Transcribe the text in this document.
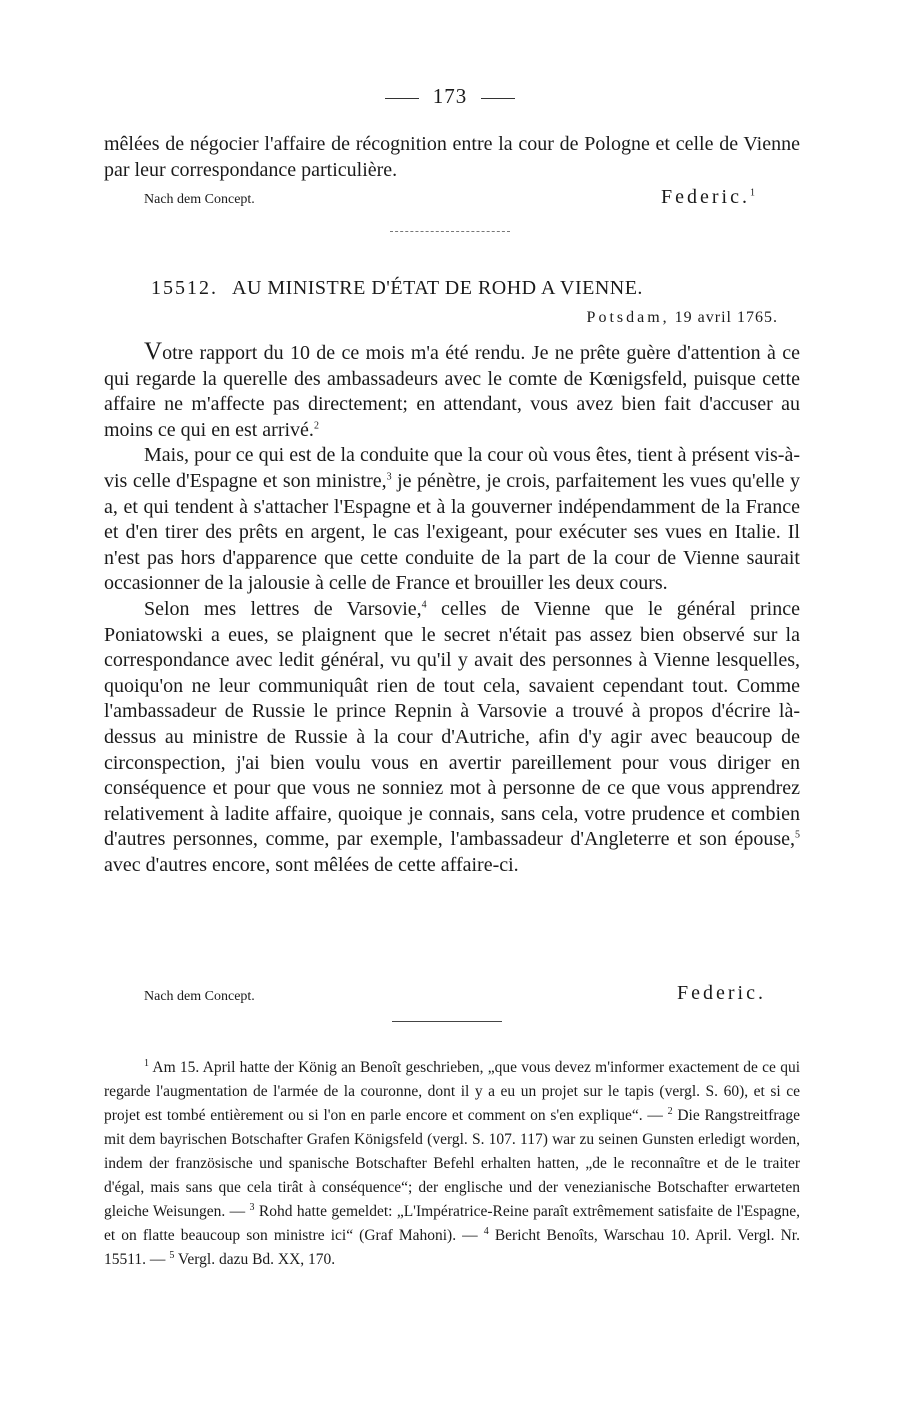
173

mêlées de négocier l'affaire de récognition entre la cour de Pologne et celle de Vienne par leur correspondance particulière.

Nach dem Concept.	Federic.$^1$
15512. AU MINISTRE D'ÉTAT DE ROHD A VIENNE.
Potsdam, 19 avril 1765.

Votre rapport du 10 de ce mois m'a été rendu. Je ne prête guère d'attention à ce qui regarde la querelle des ambassadeurs avec le comte de Kœnigsfeld, puisque cette affaire ne m'affecte pas directement; en attendant, vous avez bien fait d'accuser au moins ce qui en est arrivé.$^2$

Mais, pour ce qui est de la conduite que la cour où vous êtes, tient à présent vis-à-vis celle d'Espagne et son ministre,$^3$ je pénètre, je crois, parfaitement les vues qu'elle y a, et qui tendent à s'attacher l'Espagne et à la gouverner indépendamment de la France et d'en tirer des prêts en argent, le cas l'exigeant, pour exécuter ses vues en Italie. Il n'est pas hors d'apparence que cette conduite de la part de la cour de Vienne saurait occasionner de la jalousie à celle de France et brouiller les deux cours.

Selon mes lettres de Varsovie,$^4$ celles de Vienne que le général prince Poniatowski a eues, se plaignent que le secret n'était pas assez bien observé sur la correspondance avec ledit général, vu qu'il y avait des personnes à Vienne lesquelles, quoiqu'on ne leur communiquât rien de tout cela, savaient cependant tout. Comme l'ambassadeur de Russie le prince Repnin à Varsovie a trouvé à propos d'écrire là-dessus au ministre de Russie à la cour d'Autriche, afin d'y agir avec beaucoup de circonspection, j'ai bien voulu vous en avertir pareillement pour vous diriger en conséquence et pour que vous ne sonniez mot à personne de ce que vous apprendrez relativement à ladite affaire, quoique je connais, sans cela, votre prudence et combien d'autres personnes, comme, par exemple, l'ambassadeur d'Angleterre et son épouse,$^5$ avec d'autres encore, sont mêlées de cette affaire-ci.

Nach dem Concept.	Federic.

$^1$ Am 15. April hatte der König an Benoît geschrieben, „que vous devez m'informer exactement de ce qui regarde l'augmentation de l'armée de la couronne, dont il y a eu un projet sur le tapis (vergl. S. 60), et si ce projet est tombé entièrement ou si l'on en parle encore et comment on s'en explique“. — $^2$ Die Rangstreitfrage mit dem bayrischen Botschafter Grafen Königsfeld (vergl. S. 107. 117) war zu seinen Gunsten erledigt worden, indem der französische und spanische Botschafter Befehl erhalten hatten, „de le reconnaître et de le traiter d'égal, mais sans que cela tirât à conséquence“; der englische und der venezianische Botschafter erwarteten gleiche Weisungen. — $^3$ Rohd hatte gemeldet: „L'Impératrice-Reine paraît extrêmement satisfaite de l'Espagne, et on flatte beaucoup son ministre ici“ (Graf Mahoni). — $^4$ Bericht Benoîts, Warschau 10. April. Vergl. Nr. 15511. — $^5$ Vergl. dazu Bd. XX, 170.
